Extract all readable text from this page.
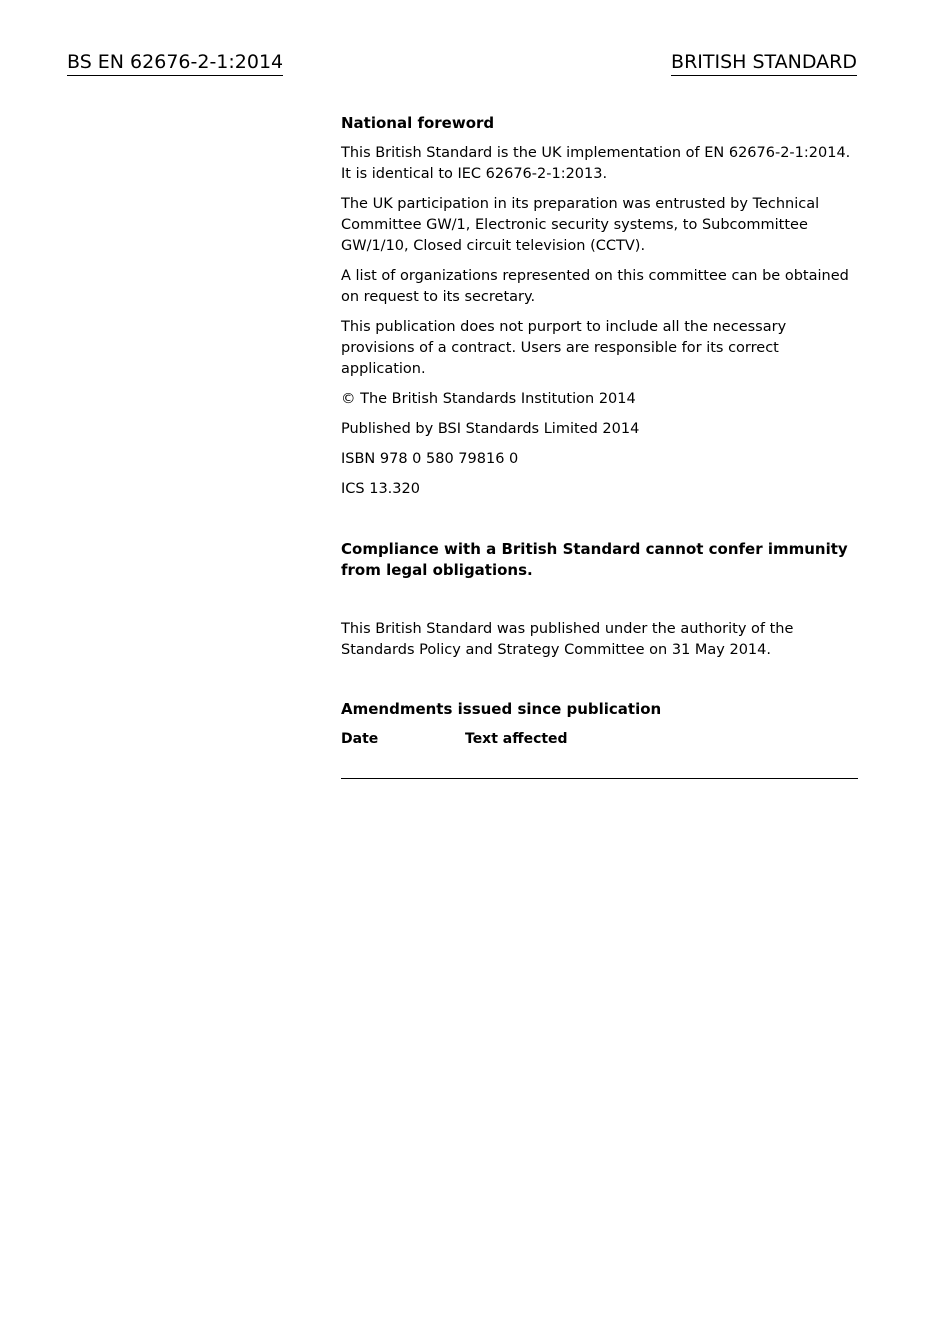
BS EN 62676-2-1:2014	BRITISH STANDARD
National foreword

This British Standard is the UK implementation of EN 62676-2-1:2014. It is identical to IEC 62676-2-1:2013.

The UK participation in its preparation was entrusted by Technical Committee GW/1, Electronic security systems, to Subcommittee GW/1/10, Closed circuit television (CCTV).

A list of organizations represented on this committee can be obtained on request to its secretary.

This publication does not purport to include all the necessary provisions of a contract. Users are responsible for its correct application.

© The British Standards Institution 2014

Published by BSI Standards Limited 2014

ISBN 978 0 580 79816 0

ICS 13.320

Compliance with a British Standard cannot confer immunity from legal obligations.

This British Standard was published under the authority of the Standards Policy and Strategy Committee on 31 May 2014.

Amendments issued since publication
Date	Text affected
